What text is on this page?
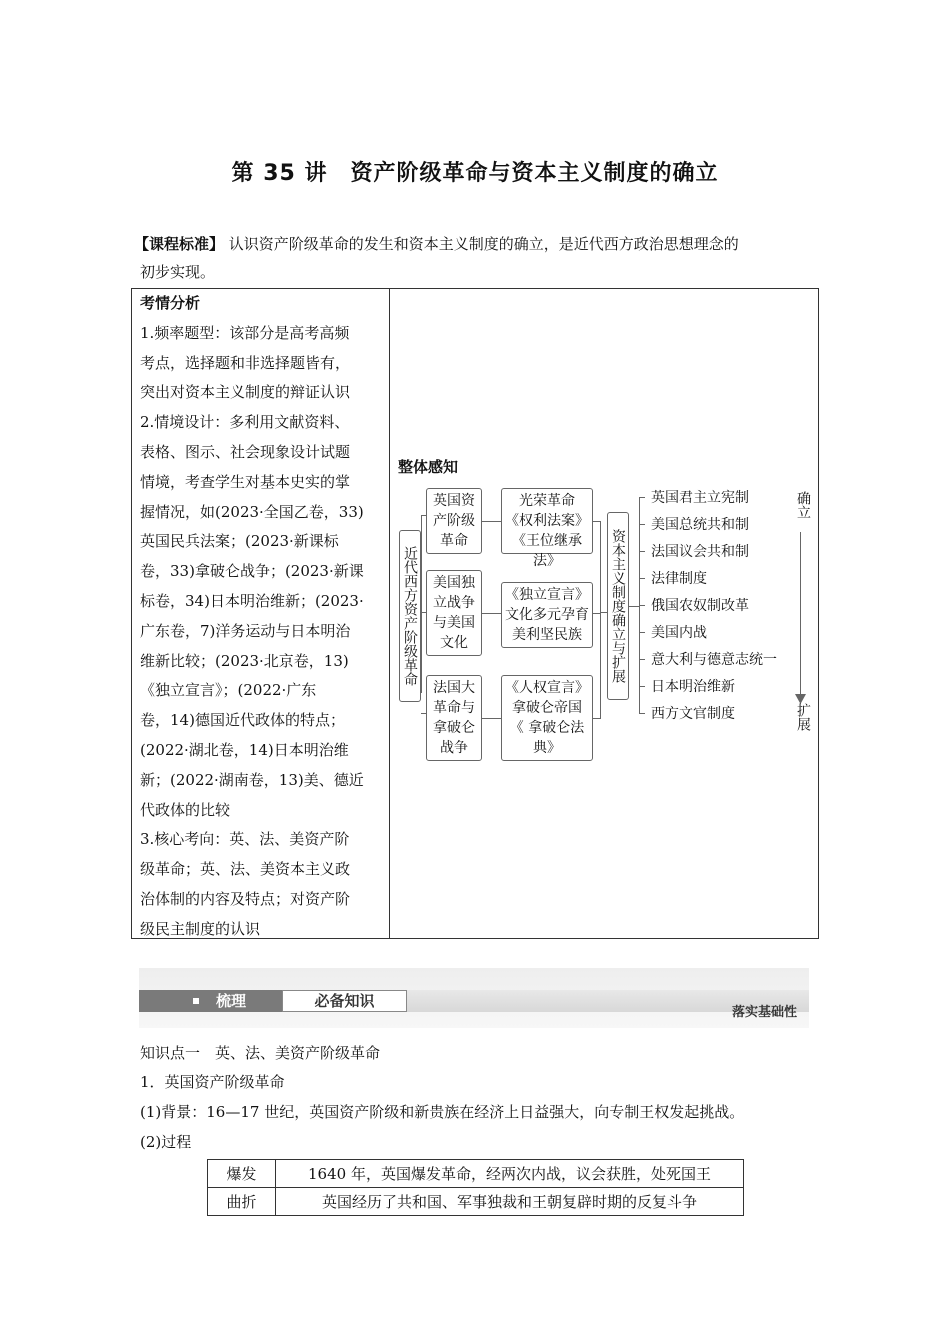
第 35 讲　资产阶级革命与资本主义制度的确立
【课程标准】 认识资产阶级革命的发生和资本主义制度的确立，是近代西方政治思想理念的
初步实现。
考情分析
1.频率题型：该部分是高考高频
考点，选择题和非选择题皆有，
突出对资本主义制度的辩证认识
2.情境设计：多利用文献资料、
表格、图示、社会现象设计试题
情境，考查学生对基本史实的掌
握情况，如(2023·全国乙卷，33)
英国民兵法案；(2023·新课标
卷，33)拿破仑战争；(2023·新课
标卷，34)日本明治维新；(2023·
广东卷，7)洋务运动与日本明治
维新比较；(2023·北京卷，13)
《独立宣言》；(2022·广东
卷，14)德国近代政体的特点；
(2022·湖北卷，14)日本明治维
新；(2022·湖南卷，13)美、德近
代政体的比较
3.核心考向：英、法、美资产阶
级革命；英、法、美资本主义政
治体制的内容及特点；对资产阶
级民主制度的认识
整体感知
近代西方资产阶级革命
英国资
产阶级
革命
美国独
立战争
与美国
文化
法国大
革命与
拿破仑
战争
光荣革命
《权利法案》
《王位继承法》
《独立宣言》
文化多元孕育
美利坚民族
《人权宣言》
拿破仑帝国
《 拿破仑法
典》
资本主义制度确立与扩展
英国君主立宪制
美国总统共和制
法国议会共和制
法律制度
俄国农奴制改革
美国内战
意大利与德意志统一
日本明治维新
西方文官制度
确立
扩展
梳理	必备知识
落实基础性
知识点一　英、法、美资产阶级革命
1．英国资产阶级革命
(1)背景：16—17 世纪，英国资产阶级和新贵族在经济上日益强大，向专制王权发起挑战。
(2)过程
爆发	1640 年，英国爆发革命，经两次内战，议会获胜，处死国王
曲折	英国经历了共和国、军事独裁和王朝复辟时期的反复斗争
